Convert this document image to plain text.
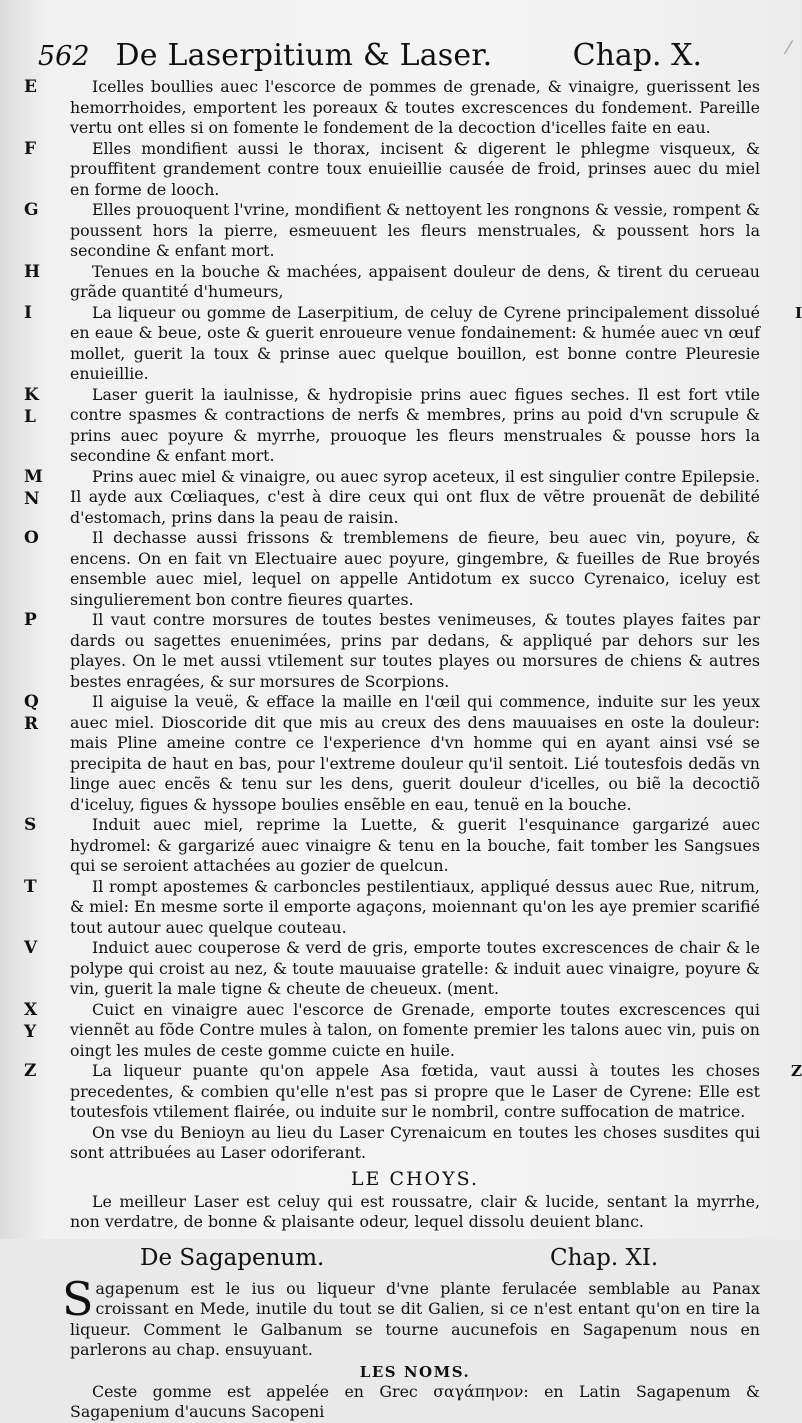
562 De Laserpitium & Laser.	Chap. X.	⁄

E	Icelles boullies auec l'escorce de pommes de grenade, & vinaigre, guerissent les hemorrhoides, emportent les poreaux & toutes excrescences du fondement. Pareille vertu ont elles si on fomente le fondement de la decoction d'icelles faite en eau.

F	Elles mondifient aussi le thorax, incisent & digerent le phlegme visqueux, & prouffitent grandement contre toux enuieillie causée de froid, prinses auec du miel en forme de looch.

G	Elles prouoquent l'vrine, mondifient & nettoyent les rongnons & vessie, rompent & poussent hors la pierre, esmeuuent les fleurs menstruales, & poussent hors la secondine & enfant mort.

H	Tenues en la bouche & machées, appaisent douleur de dens, & tirent du cerueau grãde quantité d'humeurs,

I	I
La liqueur ou gomme de Laserpitium, de celuy de Cyrene principalement dissolué en eaue & beue, oste & guerit enroueure venue fondainement: & humée auec vn œuf mollet, guerit la toux & prinse auec quelque bouillon, est bonne contre Pleuresie enuieillie.

K
L
Laser guerit la iaulnisse, & hydropisie prins auec figues seches. Il est fort vtile contre spasmes & contractions de nerfs & membres, prins au poid d'vn scrupule & prins auec poyure & myrrhe, prouoque les fleurs menstruales & pousse hors la secondine & enfant mort.

M
N
Prins auec miel & vinaigre, ou auec syrop aceteux, il est singulier contre Epilepsie. Il ayde aux Cœliaques, c'est à dire ceux qui ont flux de vẽtre prouenãt de debilité d'estomach, prins dans la peau de raisin.

O	Il dechasse aussi frissons & tremblemens de fieure, beu auec vin, poyure, & encens. On en fait vn Electuaire auec poyure, gingembre, & fueilles de Rue broyés ensemble auec miel, lequel on appelle Antidotum ex succo Cyrenaico, iceluy est singulierement bon contre fieures quartes.

P	Il vaut contre morsures de toutes bestes venimeuses, & toutes playes faites par dards ou sagettes enuenimées, prins par dedans, & appliqué par dehors sur les playes. On le met aussi vtilement sur toutes playes ou morsures de chiens & autres bestes enragées, & sur morsures de Scorpions.

Q
R
Il aiguise la veuë, & efface la maille en l'œil qui commence, induite sur les yeux auec miel. Dioscoride dit que mis au creux des dens mauuaises en oste la douleur: mais Pline ameine contre ce l'experience d'vn homme qui en ayant ainsi vsé se precipita de haut en bas, pour l'extreme douleur qu'il sentoit. Lié toutesfois dedãs vn linge auec encẽs & tenu sur les dens, guerit douleur d'icelles, ou biẽ la decoctiõ d'iceluy, figues & hyssope boulies ensẽble en eau, tenuë en la bouche.

S	Induit auec miel, reprime la Luette, & guerit l'esquinance gargarizé auec hydromel: & gargarizé auec vinaigre & tenu en la bouche, fait tomber les Sangsues qui se seroient attachées au gozier de quelcun.

T	Il rompt apostemes & carboncles pestilentiaux, appliqué dessus auec Rue, nitrum, & miel: En mesme sorte il emporte agaçons, moiennant qu'on les aye premier scarifié tout autour auec quelque couteau.

V	Induict auec couperose & verd de gris, emporte toutes excrescences de chair & le polype qui croist au nez, & toute mauuaise gratelle: & induit auec vinaigre, poyure & vin, guerit la male tigne & cheute de cheueux. (ment.

X
Y
Cuict en vinaigre auec l'escorce de Grenade, emporte toutes excrescences qui viennẽt au fõde Contre mules à talon, on fomente premier les talons auec vin, puis on oingt les mules de ceste gomme cuicte en huile.

Z	Z
La liqueur puante qu'on appele Asa fœtida, vaut aussi à toutes les choses precedentes, & combien qu'elle n'est pas si propre que le Laser de Cyrene: Elle est toutesfois vtilement flairée, ou induite sur le nombril, contre suffocation de matrice.

On vse du Benioyn au lieu du Laser Cyrenaicum en toutes les choses susdites qui sont attribuées au Laser odoriferant.

LE CHOYS.

Le meilleur Laser est celuy qui est roussatre, clair & lucide, sentant la myrrhe, non verdatre, de bonne & plaisante odeur, lequel dissolu deuient blanc.

De Sagapenum.	Chap. XI.
S agapenum est le ius ou liqueur d'vne plante ferulacée semblable au Panax croissant en Mede, inutile du tout se dit Galien, si ce n'est entant qu'on en tire la liqueur. Comment le Galbanum se tourne aucunefois en Sagapenum nous en parlerons au chap. ensuyuant.
LES NOMS.

Ceste gomme est appelée en Grec σαγάπηνον: en Latin Sagapenum & Sagapenium d'aucuns Sacopeni
